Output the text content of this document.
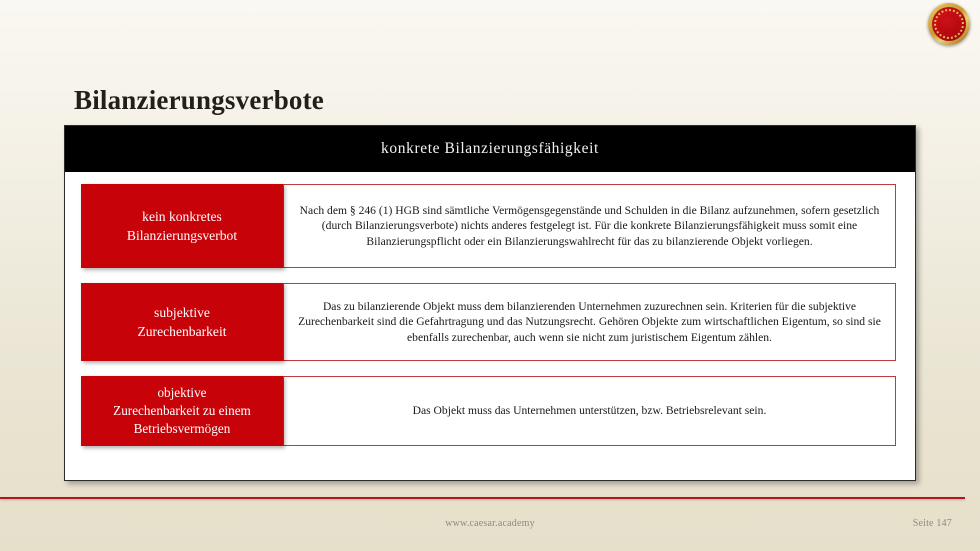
Bilanzierungsverbote
konkrete Bilanzierungsfähigkeit
kein konkretes
Bilanzierungsverbot
Nach dem § 246 (1) HGB sind sämtliche Vermögensgegenstände und Schulden in die Bilanz aufzunehmen, sofern gesetzlich (durch Bilanzierungsverbote) nichts anderes festgelegt ist. Für die konkrete Bilanzierungsfähigkeit muss somit eine Bilanzierungspflicht oder ein Bilanzierungswahlrecht für das zu bilanzierende Objekt vorliegen.
subjektive
Zurechenbarkeit
Das zu bilanzierende Objekt muss dem bilanzierenden Unternehmen zuzurechnen sein. Kriterien für die subjektive Zurechenbarkeit sind die Gefahrtragung und das Nutzungsrecht. Gehören Objekte zum wirtschaftlichen Eigentum, so sind sie ebenfalls zurechenbar, auch wenn sie nicht zum juristischem Eigentum zählen.
objektive
Zurechenbarkeit zu einem
Betriebsvermögen
Das Objekt muss das Unternehmen unterstützen, bzw. Betriebsrelevant sein.
www.caesar.academy	Seite 147
